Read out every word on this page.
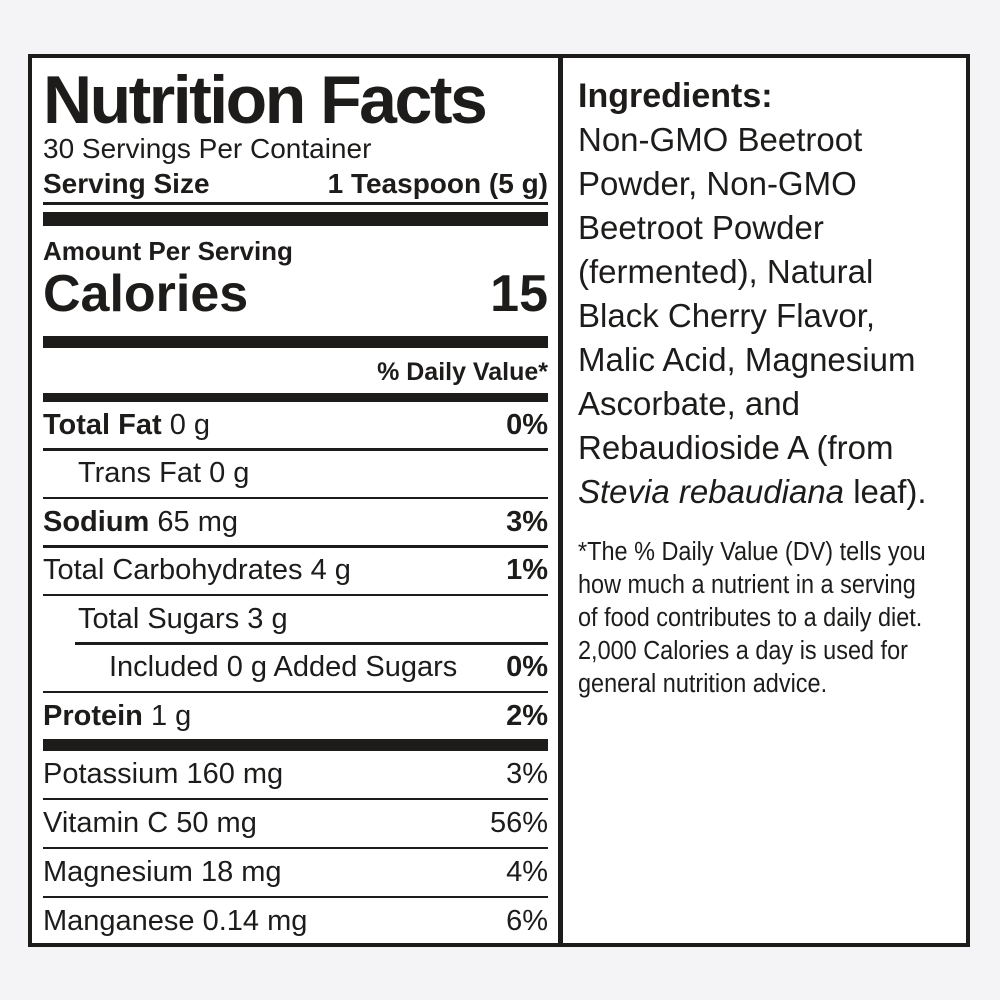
Nutrition Facts
30 Servings Per Container
Serving Size	1 Teaspoon (5 g)
Amount Per Serving
Calories	15
% Daily Value*
Total Fat 0 g	0%
Trans Fat 0 g
Sodium 65 mg	3%
Total Carbohydrates 4 g	1%
Total Sugars 3 g
Included 0 g Added Sugars 0%
Protein 1 g	2%
Potassium 160 mg	3%
Vitamin C 50 mg	56%
Magnesium 18 mg	4%
Manganese 0.14 mg	6%
Ingredients:
Non-GMO Beetroot
Powder, Non-GMO
Beetroot Powder
(fermented), Natural
Black Cherry Flavor,
Malic Acid, Magnesium
Ascorbate, and
Rebaudioside A (from
Stevia rebaudiana leaf).
*The % Daily Value (DV) tells you
how much a nutrient in a serving
of food contributes to a daily diet.
2,000 Calories a day is used for
general nutrition advice.
